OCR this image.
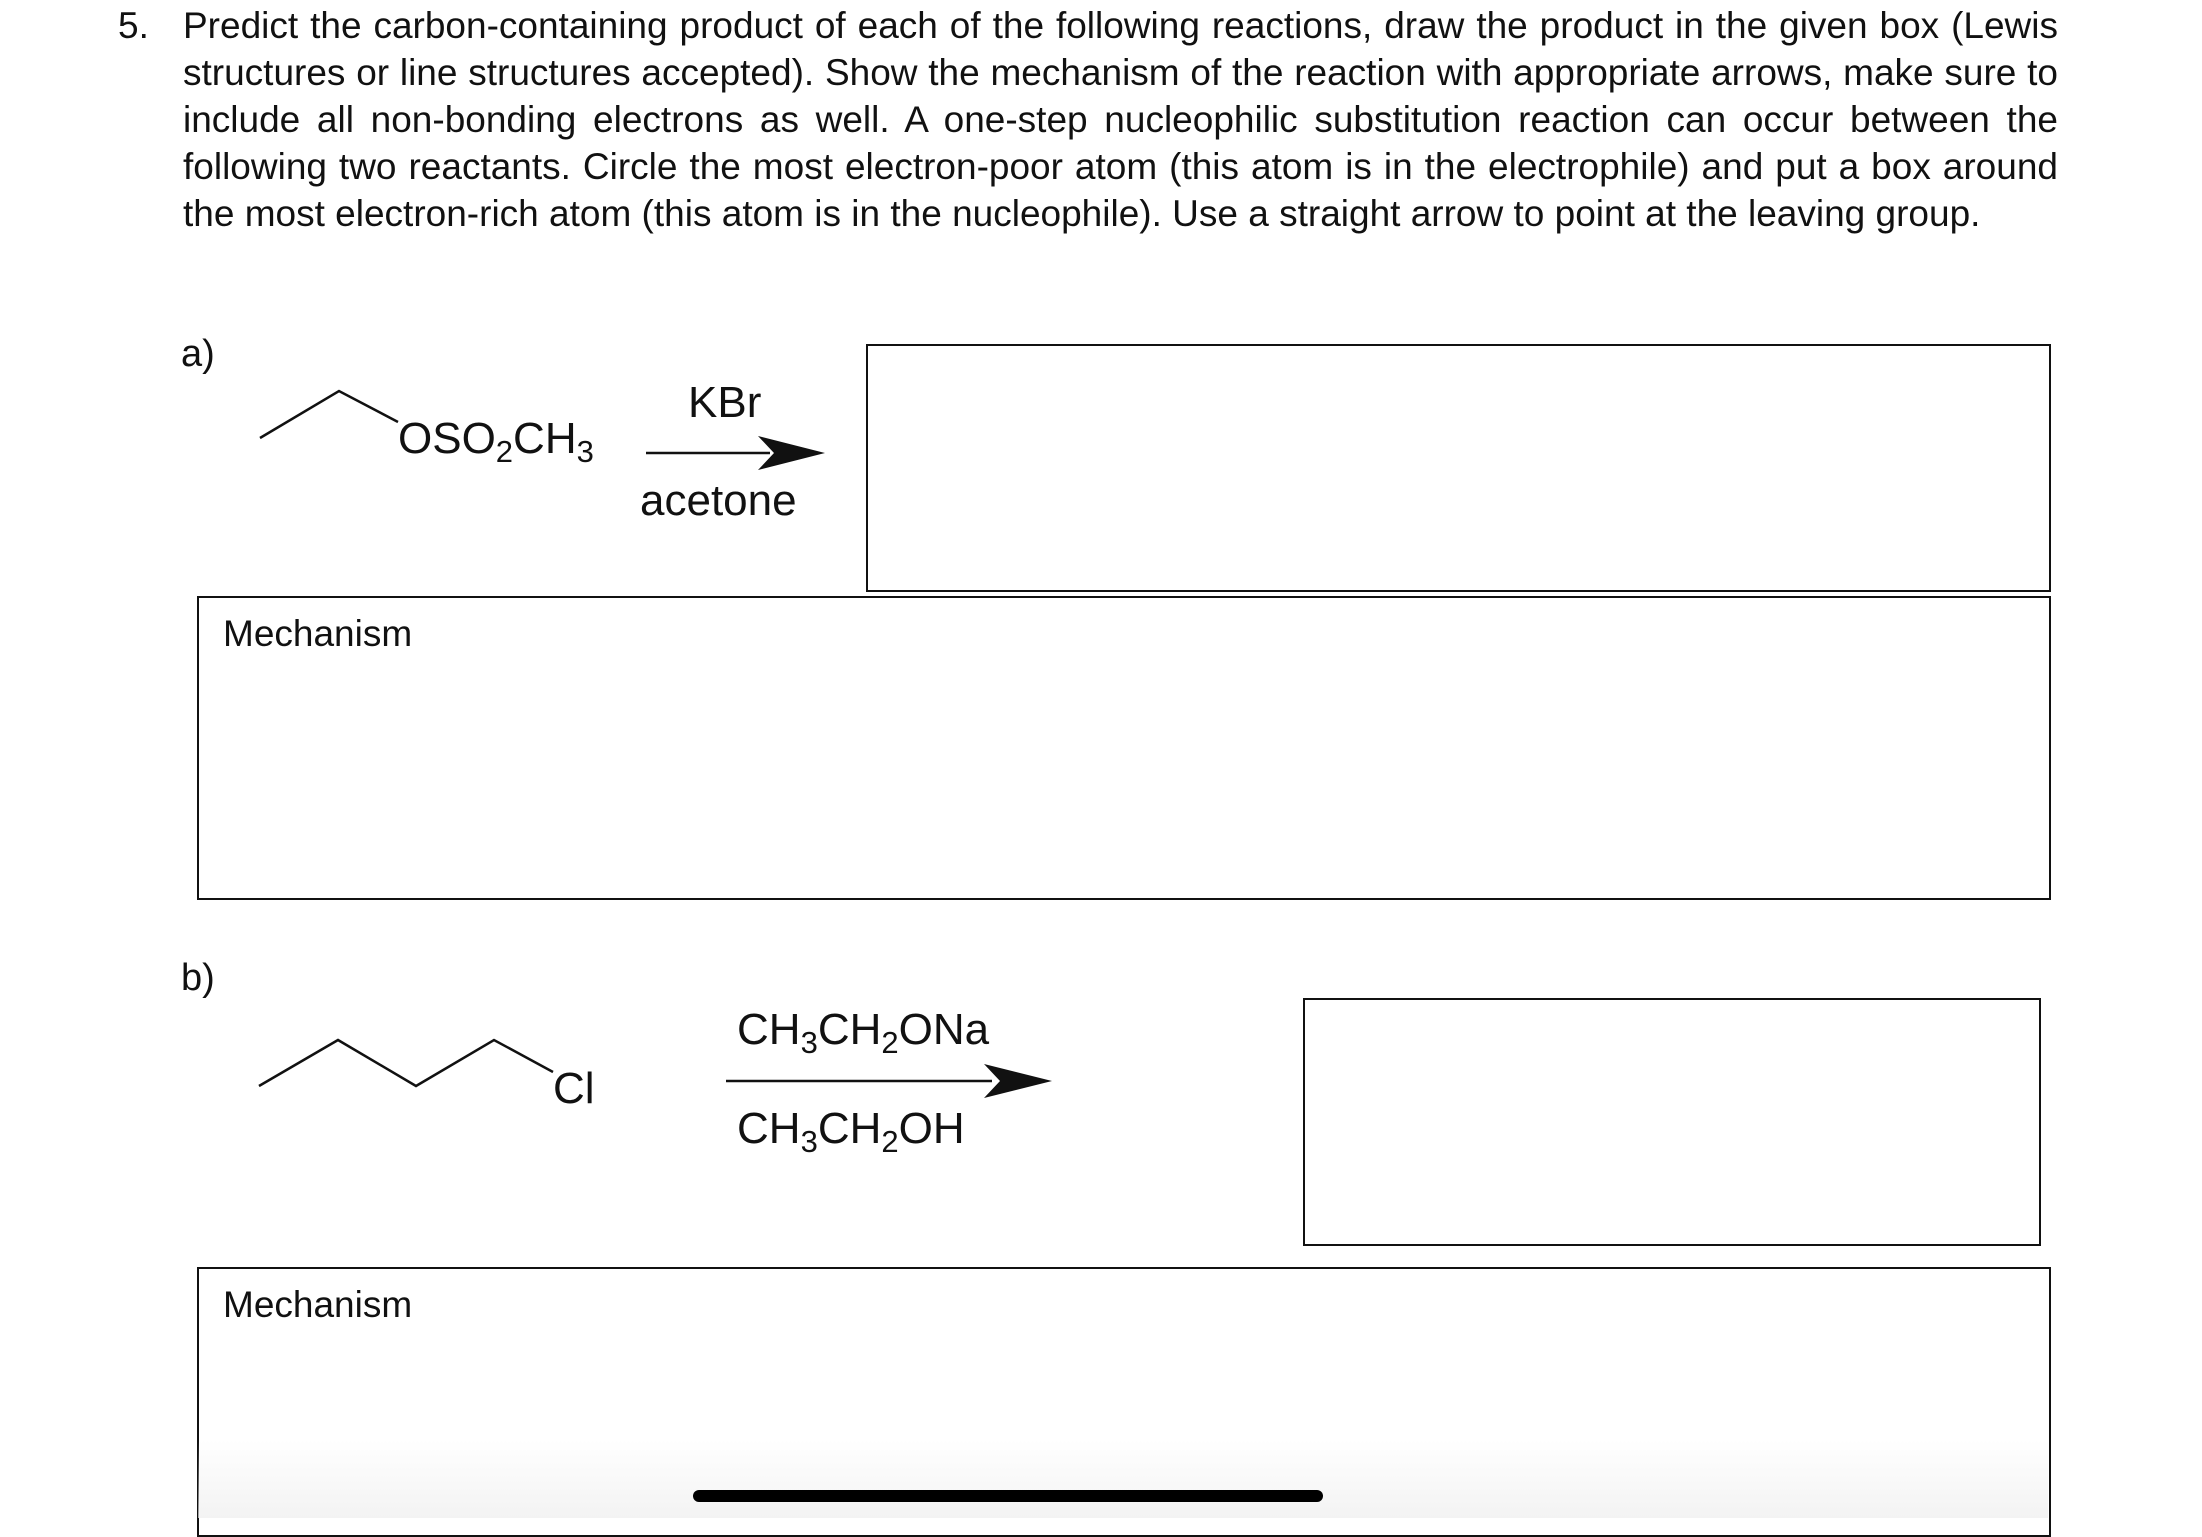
5. Predict the carbon-containing product of each of the following reactions, draw the product in the given box (Lewis structures or line structures accepted). Show the mechanism of the reaction with appropriate arrows, make sure to include all non-bonding electrons as well. A one-step nucleophilic substitution reaction can occur between the following two reactants. Circle the most electron-poor atom (this atom is in the electrophile) and put a box around the most electron-rich atom (this atom is in the nucleophile). Use a straight arrow to point at the leaving group.
a)
$OSO_2CH_3$
KBr
acetone
Mechanism
b)
Cl
$CH_3CH_2ONa$
$CH_3CH_2OH$
Mechanism
